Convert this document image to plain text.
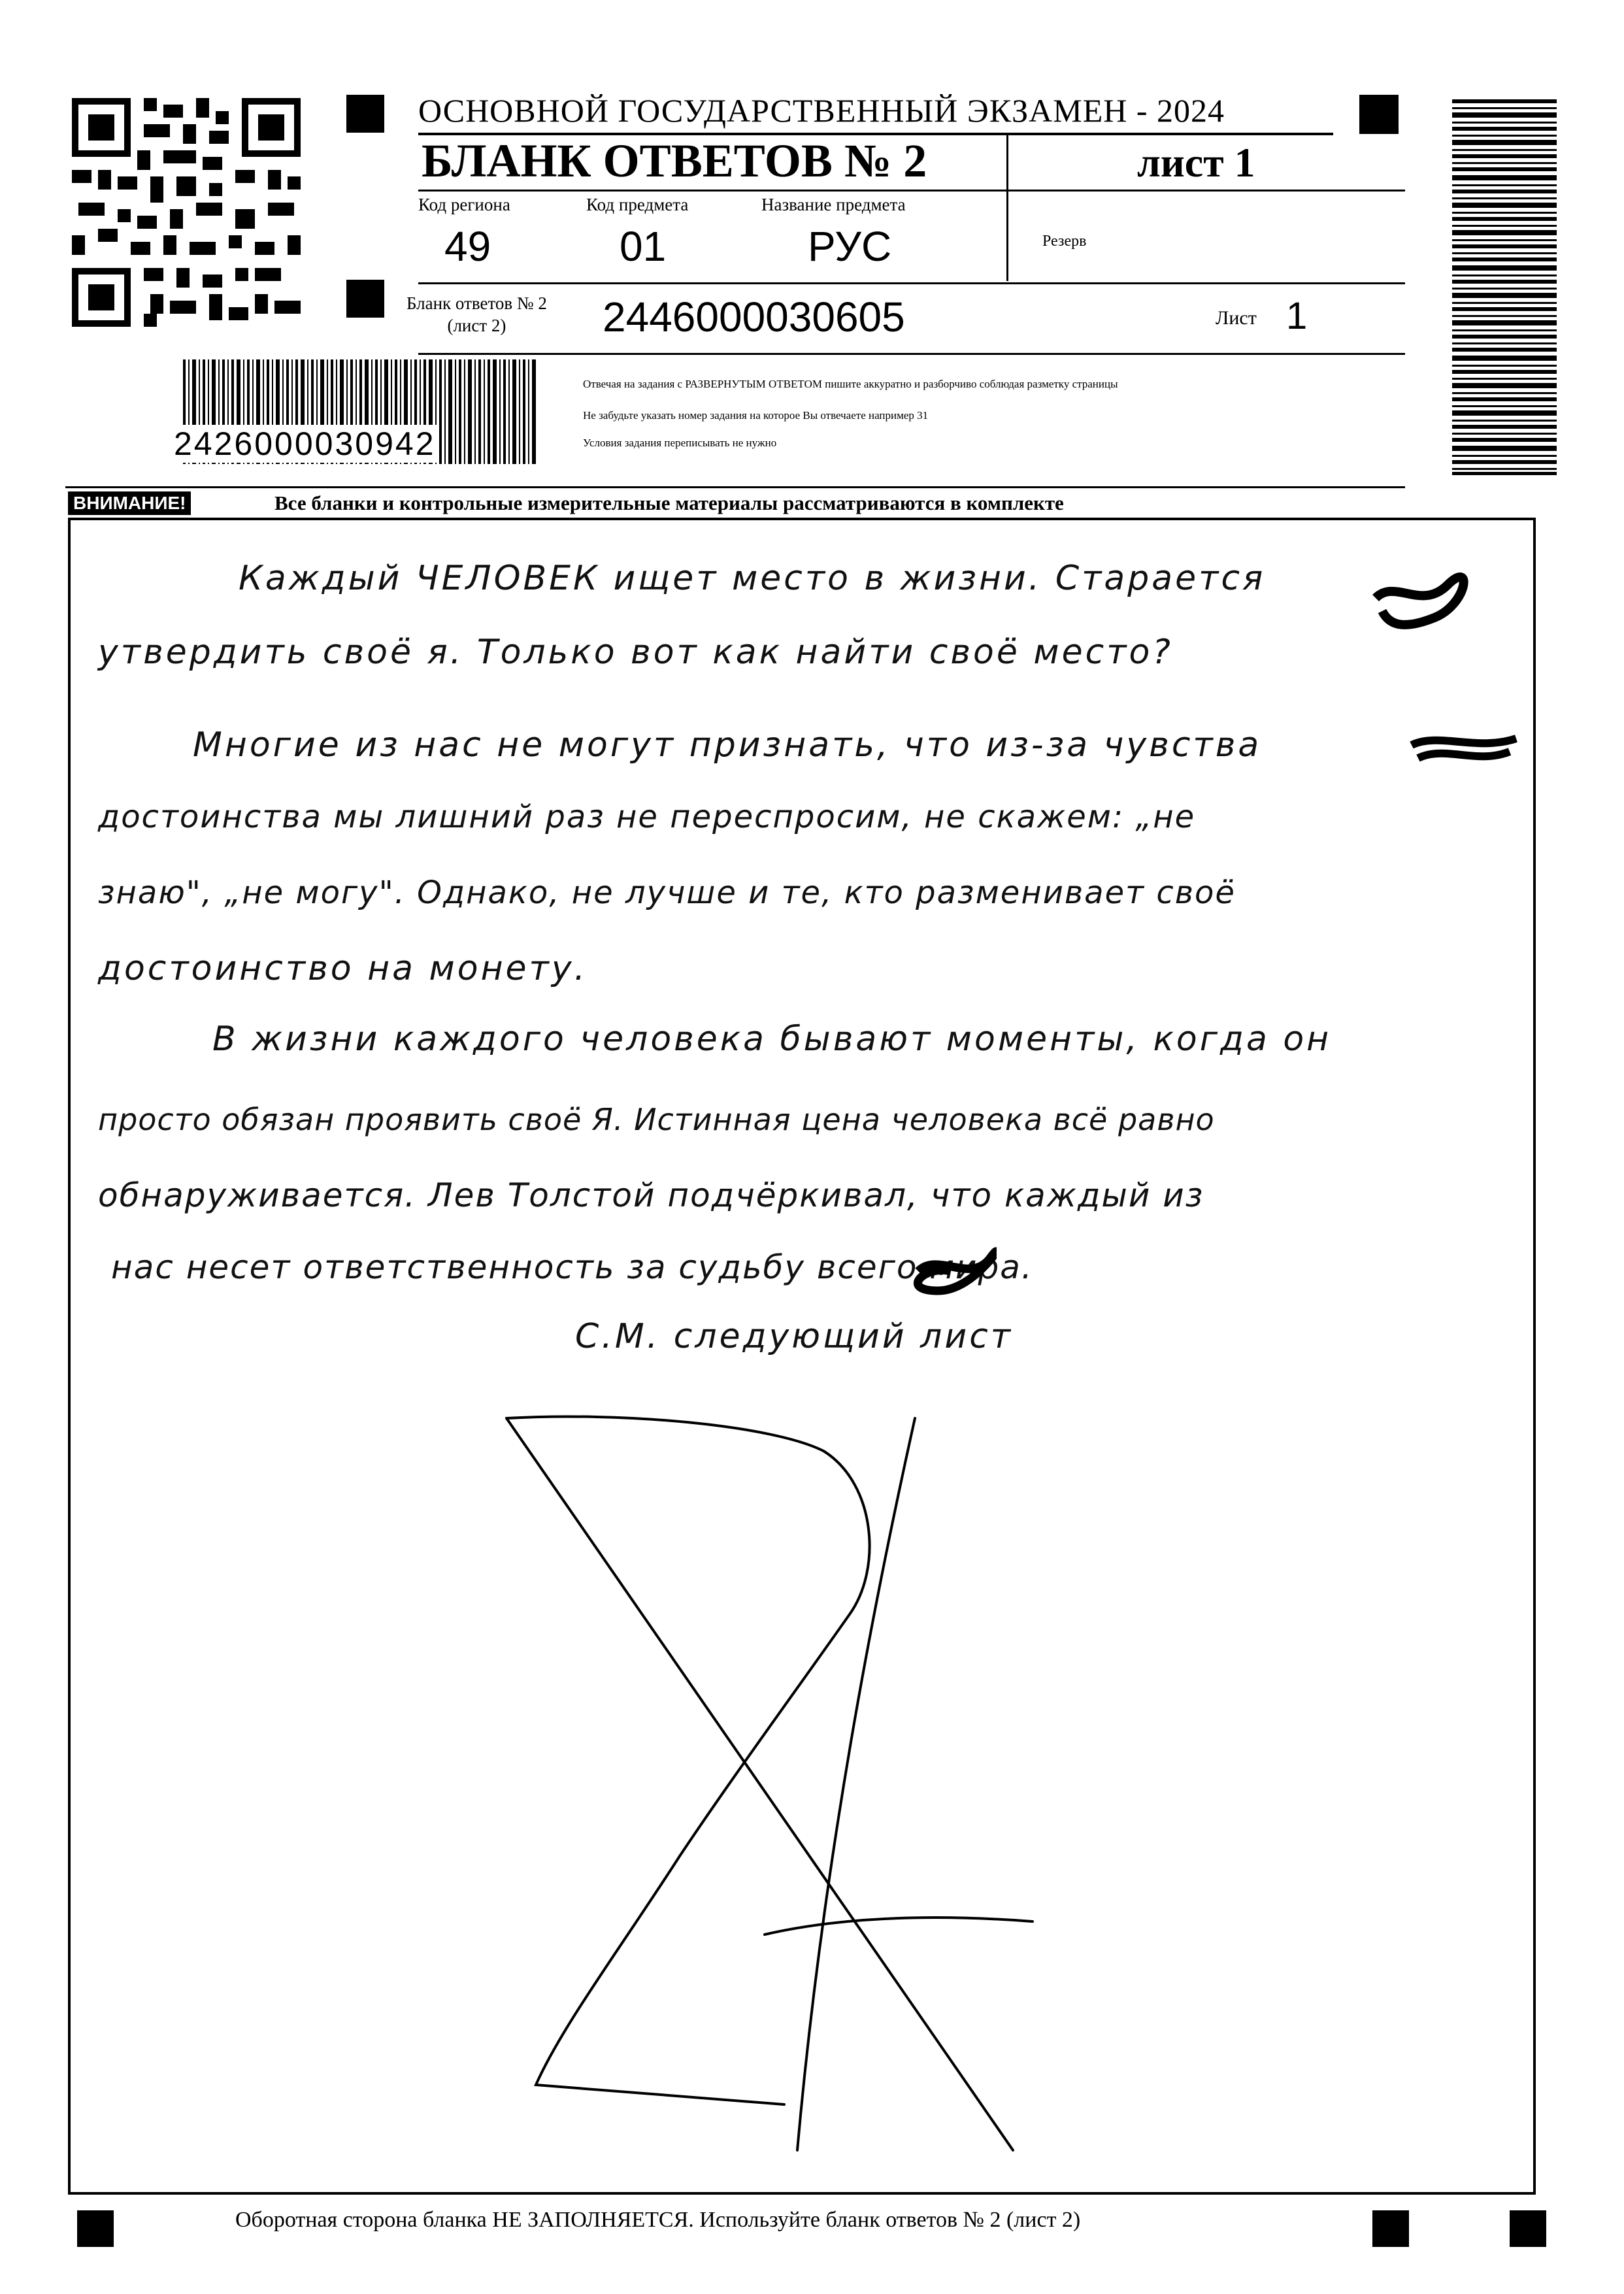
2426000030942
ОСНОВНОЙ ГОСУДАРСТВЕННЫЙ ЭКЗАМЕН - 2024
БЛАНК ОТВЕТОВ № 2	лист 1
Код региона	Код предмета	Название предмета
49	01	РУС	Резерв
Бланк ответов № 2
(лист 2)	2446000030605	Лист 1
Отвечая на задания с РАЗВЕРНУТЫМ ОТВЕТОМ пишите аккуратно и разборчиво соблюдая разметку страницы
Не забудьте указать номер задания на которое Вы отвечаете например 31
Условия задания переписывать не нужно
ВНИМАНИЕ!	Все бланки и контрольные измерительные материалы рассматриваются в комплекте
Каждый ЧЕЛОВЕК ищет место в жизни. Старается
утвердить своё я. Только вот как найти своё место?
Многие из нас не могут признать, что из-за чувства
достоинства мы лишний раз не переспросим, не скажем: „не
знаю", „не могу". Однако, не лучше и те, кто разменивает своё
достоинство на монету.
В жизни каждого человека бывают моменты, когда он
просто обязан проявить своё Я. Истинная цена человека всё равно
обнаруживается. Лев Толстой подчёркивал, что каждый из
нас несет ответственность за судьбу всего мира.
С.М. следующий лист
Оборотная сторона бланка НЕ ЗАПОЛНЯЕТСЯ. Используйте бланк ответов № 2 (лист 2)
